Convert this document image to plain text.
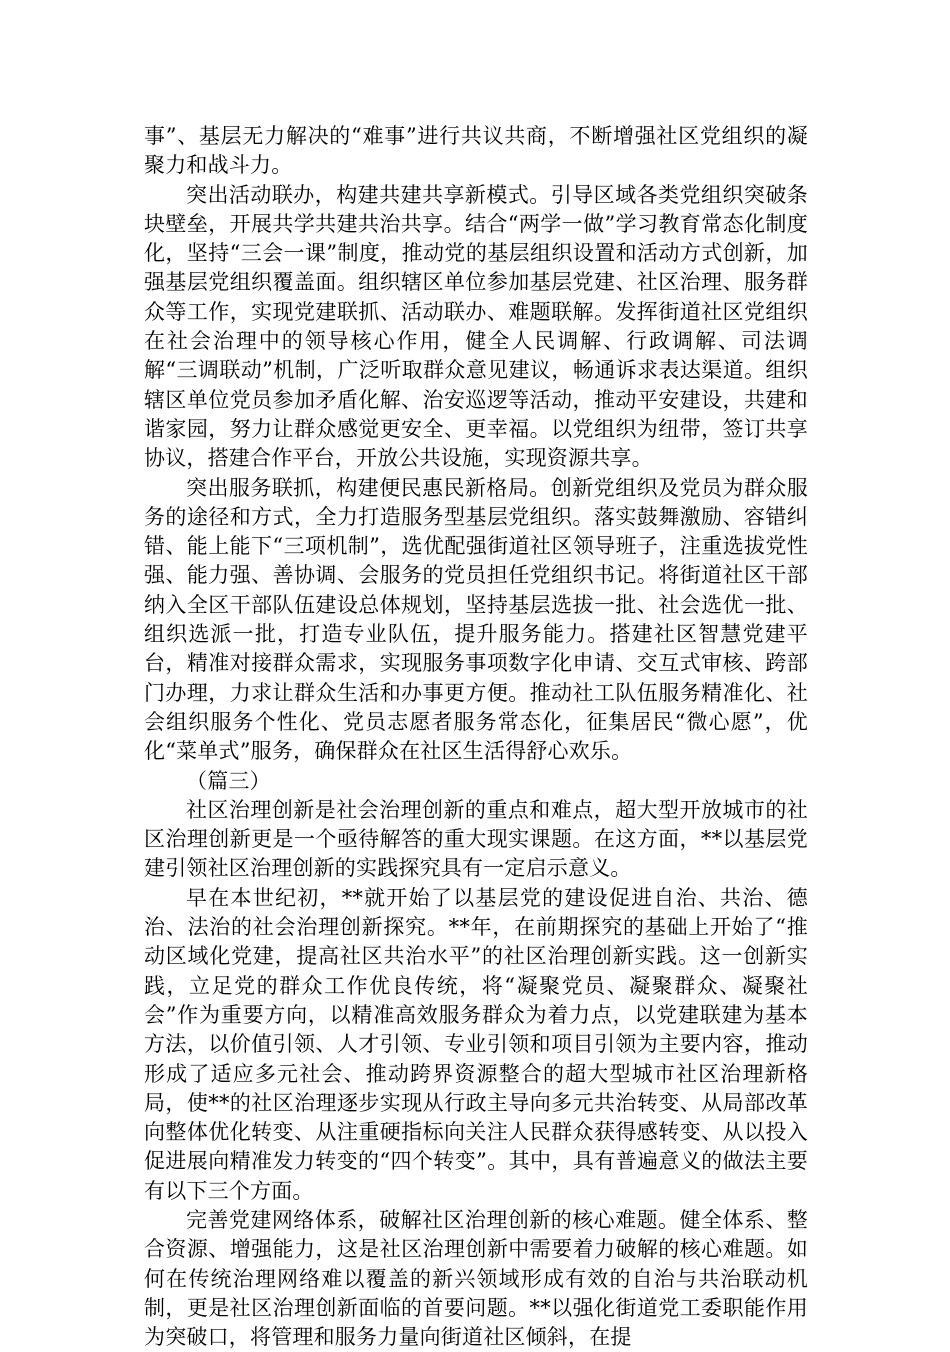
事”、基层无力解决的“难事”进行共议共商，不断增强社区党组织的凝聚力和战斗力。

突出活动联办，构建共建共享新模式。引导区域各类党组织突破条块壁垒，开展共学共建共治共享。结合“两学一做”学习教育常态化制度化，坚持“三会一课”制度，推动党的基层组织设置和活动方式创新，加强基层党组织覆盖面。组织辖区单位参加基层党建、社区治理、服务群众等工作，实现党建联抓、活动联办、难题联解。发挥街道社区党组织在社会治理中的领导核心作用，健全人民调解、行政调解、司法调解“三调联动”机制，广泛听取群众意见建议，畅通诉求表达渠道。组织辖区单位党员参加矛盾化解、治安巡逻等活动，推动平安建设，共建和谐家园，努力让群众感觉更安全、更幸福。以党组织为纽带，签订共享协议，搭建合作平台，开放公共设施，实现资源共享。

突出服务联抓，构建便民惠民新格局。创新党组织及党员为群众服务的途径和方式，全力打造服务型基层党组织。落实鼓舞激励、容错纠错、能上能下“三项机制”，选优配强街道社区领导班子，注重选拔党性强、能力强、善协调、会服务的党员担任党组织书记。将街道社区干部纳入全区干部队伍建设总体规划，坚持基层选拔一批、社会选优一批、组织选派一批，打造专业队伍，提升服务能力。搭建社区智慧党建平台，精准对接群众需求，实现服务事项数字化申请、交互式审核、跨部门办理，力求让群众生活和办事更方便。推动社工队伍服务精准化、社会组织服务个性化、党员志愿者服务常态化，征集居民“微心愿”，优化“菜单式”服务，确保群众在社区生活得舒心欢乐。

（篇三）

社区治理创新是社会治理创新的重点和难点，超大型开放城市的社区治理创新更是一个亟待解答的重大现实课题。在这方面，**以基层党建引领社区治理创新的实践探究具有一定启示意义。

早在本世纪初，**就开始了以基层党的建设促进自治、共治、德治、法治的社会治理创新探究。**年，在前期探究的基础上开始了“推动区域化党建，提高社区共治水平”的社区治理创新实践。这一创新实践，立足党的群众工作优良传统，将“凝聚党员、凝聚群众、凝聚社会”作为重要方向，以精准高效服务群众为着力点，以党建联建为基本方法，以价值引领、人才引领、专业引领和项目引领为主要内容，推动形成了适应多元社会、推动跨界资源整合的超大型城市社区治理新格局，使**的社区治理逐步实现从行政主导向多元共治转变、从局部改革向整体优化转变、从注重硬指标向关注人民群众获得感转变、从以投入促进展向精准发力转变的“四个转变”。其中，具有普遍意义的做法主要有以下三个方面。

完善党建网络体系，破解社区治理创新的核心难题。健全体系、整合资源、增强能力，这是社区治理创新中需要着力破解的核心难题。如何在传统治理网络难以覆盖的新兴领域形成有效的自治与共治联动机制，更是社区治理创新面临的首要问题。**以强化街道党工委职能作用为突破口，将管理和服务力量向街道社区倾斜，在提
